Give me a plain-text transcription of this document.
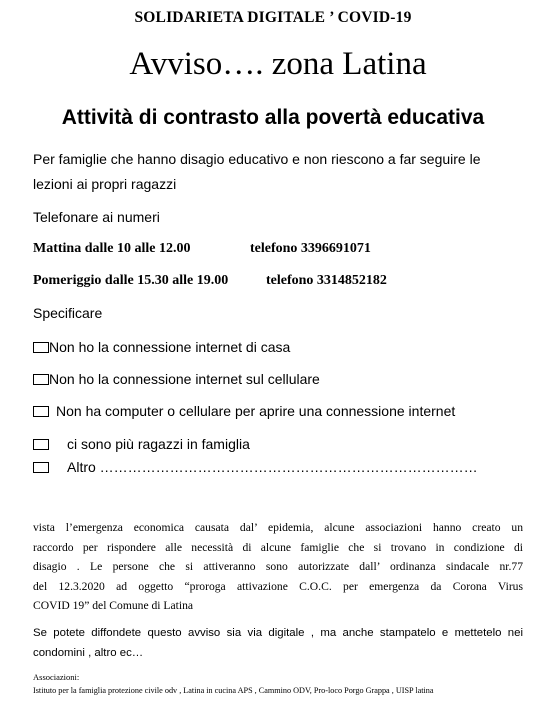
SOLIDARIETA DIGITALE ’ COVID-19
Avviso…. zona Latina
Attività di contrasto alla povertà educativa
Per famiglie che hanno disagio educativo e non riescono a far seguire le
lezioni ai propri ragazzi
Telefonare ai numeri
Mattina dalle 10 alle 12.00	telefono 3396691071
Pomeriggio dalle 15.30 alle 19.00	telefono 3314852182
Specificare
Non ho la connessione internet di casa
Non ho la connessione internet sul cellulare
Non ha computer o cellulare per aprire una connessione internet
ci sono più ragazzi in famiglia
Altro ………………………………………………………………………
vista l’emergenza economica causata dal’ epidemia, alcune associazioni hanno creato un
raccordo per rispondere alle necessità di alcune famiglie che si trovano in condizione di
disagio . Le persone che si attiveranno sono autorizzate dall’ ordinanza sindacale nr.77
del 12.3.2020 ad oggetto “proroga attivazione C.O.C. per emergenza da Corona Virus
COVID 19” del Comune di Latina
Se potete diffondete questo avviso sia via digitale , ma anche stampatelo e mettetelo nei
condomini , altro ec…
Associazioni:
Istituto per la famiglia protezione civile odv , Latina in cucina APS , Cammino ODV, Pro-loco Porgo Grappa , UISP latina
